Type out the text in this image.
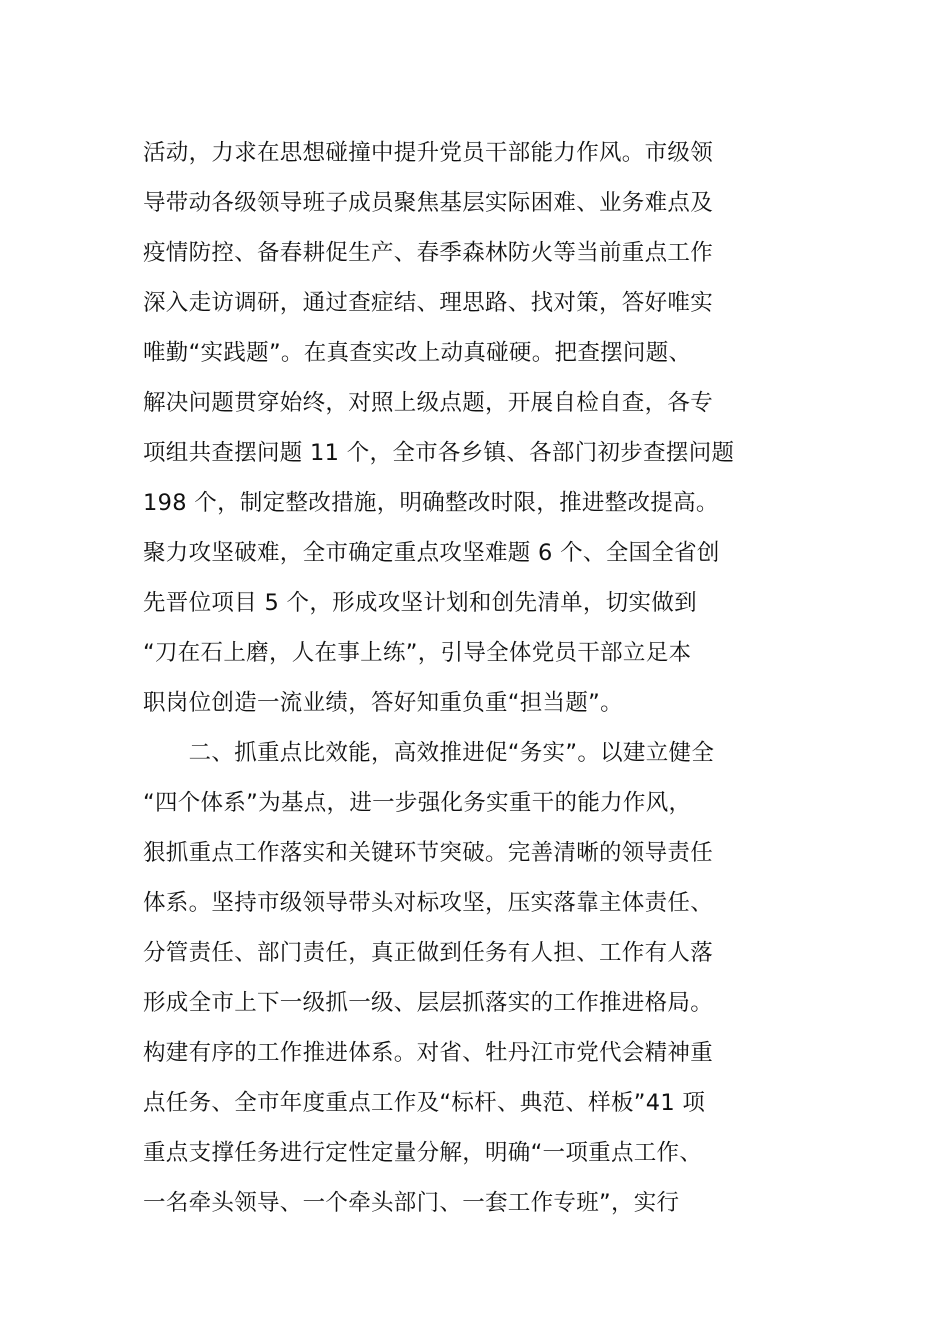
活动，力求在思想碰撞中提升党员干部能力作风。市级领
导带动各级领导班子成员聚焦基层实际困难、业务难点及
疫情防控、备春耕促生产、春季森林防火等当前重点工作
深入走访调研，通过查症结、理思路、找对策，答好唯实
唯勤“实践题”。在真查实改上动真碰硬。把查摆问题、
解决问题贯穿始终，对照上级点题，开展自检自查，各专
项组共查摆问题 11 个，全市各乡镇、各部门初步查摆问题
198 个，制定整改措施，明确整改时限，推进整改提高。
聚力攻坚破难，全市确定重点攻坚难题 6 个、全国全省创
先晋位项目 5 个，形成攻坚计划和创先清单，切实做到
“刀在石上磨，人在事上练”，引导全体党员干部立足本
职岗位创造一流业绩，答好知重负重“担当题”。
　　二、抓重点比效能，高效推进促“务实”。以建立健全
“四个体系”为基点，进一步强化务实重干的能力作风，
狠抓重点工作落实和关键环节突破。完善清晰的领导责任
体系。坚持市级领导带头对标攻坚，压实落靠主体责任、
分管责任、部门责任，真正做到任务有人担、工作有人落
形成全市上下一级抓一级、层层抓落实的工作推进格局。
构建有序的工作推进体系。对省、牡丹江市党代会精神重
点任务、全市年度重点工作及“标杆、典范、样板”41 项
重点支撑任务进行定性定量分解，明确“一项重点工作、
一名牵头领导、一个牵头部门、一套工作专班”，实行
